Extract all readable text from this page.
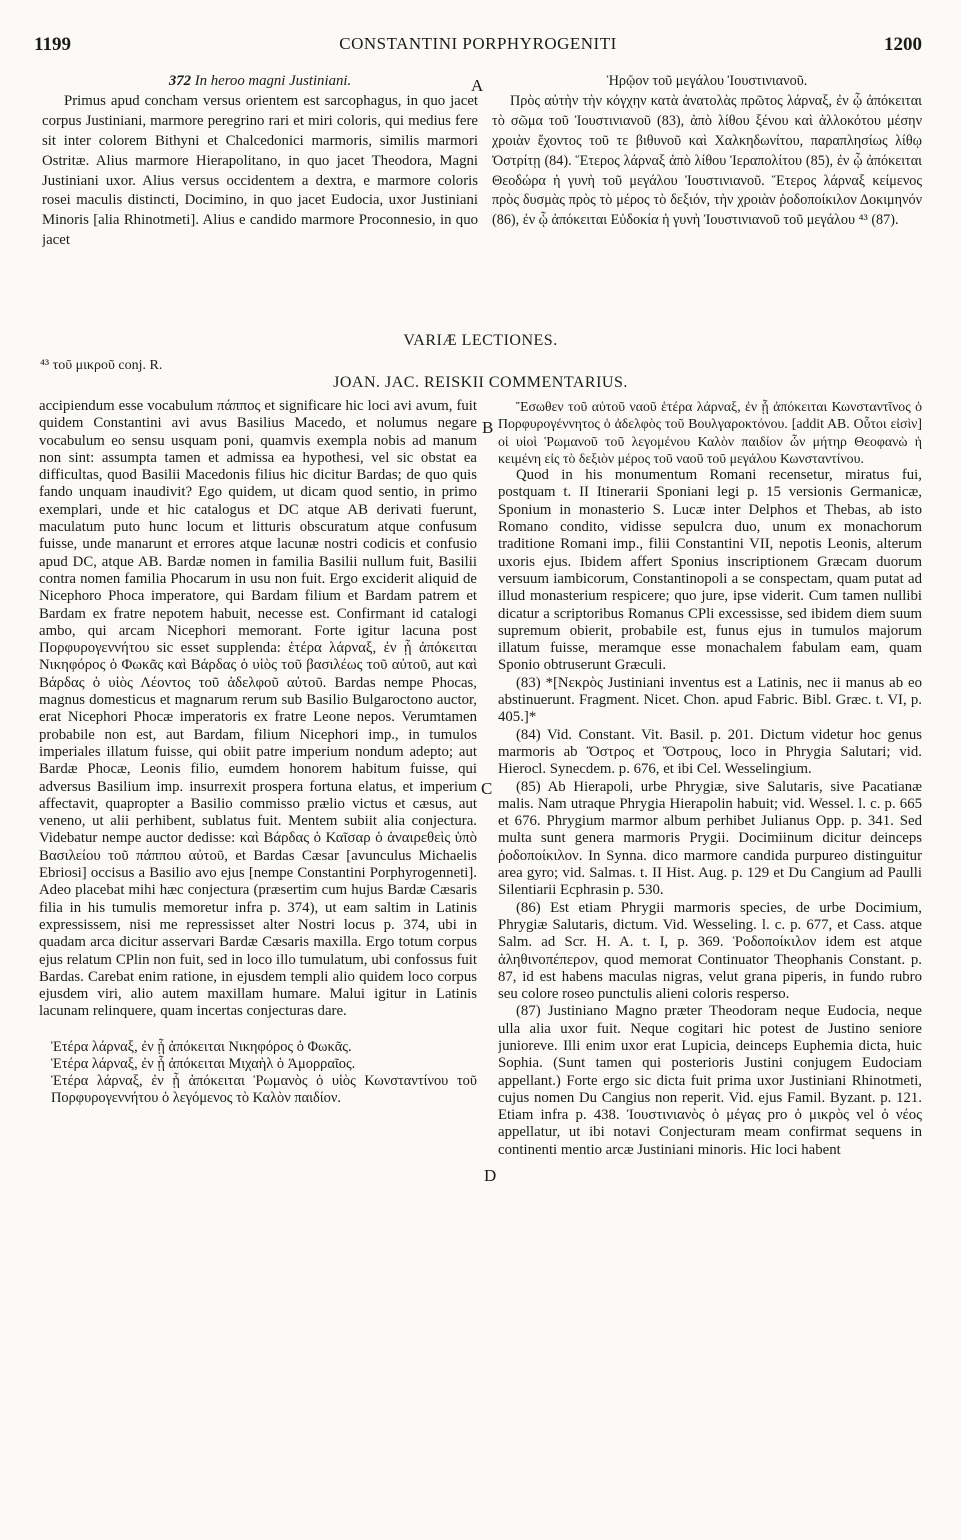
1199	CONSTANTINI PORPHYROGENITI	1200

372 In heroo magni Justiniani.

Primus apud concham versus orientem est sarcophagus, in quo jacet corpus Justiniani, marmore peregrino rari et miri coloris, qui medius fere sit inter colorem Bithyni et Chalcedonici marmoris, similis marmori Ostritæ. Alius marmore Hierapolitano, in quo jacet Theodora, Magni Justiniani uxor. Alius versus occidentem a dextra, e marmore coloris rosei maculis distincti, Docimino, in quo jacet Eudocia, uxor Justiniani Minoris [alia Rhinotmeti]. Alius e candido marmore Proconnesio, in quo jacet

A	Ἡρῷον τοῦ μεγάλου Ἰουστινιανοῦ.

Πρὸς αὐτὴν τὴν κόγχην κατὰ ἀνατολὰς πρῶτος λάρναξ, ἐν ᾧ ἀπόκειται τὸ σῶμα τοῦ Ἰουστινιανοῦ (83), ἀπὸ λίθου ξένου καὶ ἀλλοκότου μέσην χροιὰν ἔχοντος τοῦ τε βιθυνοῦ καὶ Χαλκηδωνίτου, παραπλησίως λίθῳ Ὀστρίτῃ (84). Ἕτερος λάρναξ ἀπὸ λίθου Ἱεραπολίτου (85), ἐν ᾧ ἀπόκειται Θεοδώρα ἡ γυνὴ τοῦ μεγάλου Ἰουστινιανοῦ. Ἕτερος λάρναξ κείμενος πρὸς δυσμὰς πρὸς τὸ μέρος τὸ δεξιόν, τὴν χροιὰν ῥοδοποίκιλον Δοκιμηνόν (86), ἐν ᾧ ἀπόκειται Εὐδοκία ἡ γυνὴ Ἰουστινιανοῦ τοῦ μεγάλου ⁴³ (87).

VARIÆ LECTIONES.
⁴³ τοῦ μικροῦ conj. R.
JOAN. JAC. REISKII COMMENTARIUS.

accipiendum esse vocabulum πάππος et significare hic loci avi avum, fuit quidem Constantini avi avus Basilius Macedo, et nolumus negare vocabulum eo sensu usquam poni, quamvis exempla nobis ad manum non sint: assumpta tamen et admissa ea hypothesi, vel sic obstat ea difficultas, quod Basilii Macedonis filius hic dicitur Bardas; de quo quis fando unquam inaudivit? Ego quidem, ut dicam quod sentio, in primo exemplari, unde et hic catalogus et DC atque AB derivati fuerunt, maculatum puto hunc locum et litturis obscuratum atque confusum fuisse, unde manarunt et errores atque lacunæ nostri codicis et confusio apud DC, atque AB. Bardæ nomen in familia Basilii nullum fuit, Basilii contra nomen familia Phocarum in usu non fuit. Ergo exciderit aliquid de Nicephoro Phoca imperatore, qui Bardam filium et Bardam patrem et Bardam ex fratre nepotem habuit, necesse est. Confirmant id catalogi ambo, qui arcam Nicephori memorant. Forte igitur lacuna post Πορφυρογεννήτου sic esset supplenda: ἑτέρα λάρναξ, ἐν ᾗ ἀπόκειται Νικηφόρος ὁ Φωκᾶς καὶ Βάρδας ὁ υἱὸς τοῦ βασιλέως τοῦ αὐτοῦ, aut καὶ Βάρδας ὁ υἱὸς Λέοντος τοῦ ἀδελφοῦ αὐτοῦ. Bardas nempe Phocas, magnus domesticus et magnarum rerum sub Basilio Bulgaroctono auctor, erat Nicephori Phocæ imperatoris ex fratre Leone nepos. Verumtamen probabile non est, aut Bardam, filium Nicephori imp., in tumulos imperiales illatum fuisse, qui obiit patre imperium nondum adepto; aut Bardæ Phocæ, Leonis filio, eumdem honorem habitum fuisse, qui adversus Basilium imp. insurrexit prospera fortuna elatus, et imperium affectavit, quapropter a Basilio commisso prælio victus et cæsus, aut veneno, ut alii perhibent, sublatus fuit. Mentem subiit alia conjectura. Videbatur nempe auctor dedisse: καὶ Βάρδας ὁ Καῖσαρ ὁ ἀναιρεθεὶς ὑπὸ Βασιλείου τοῦ πάππου αὐτοῦ, et Bardas Cæsar [avunculus Michaelis Ebriosi] occisus a Basilio avo ejus [nempe Constantini Porphyrogenneti]. Adeo placebat mihi hæc conjectura (præsertim cum hujus Bardæ Cæsaris filia in his tumulis memoretur infra p. 374), ut eam saltim in Latinis expressissem, nisi me repressisset alter Nostri locus p. 374, ubi in quadam arca dicitur asservari Bardæ Cæsaris maxilla. Ergo totum corpus ejus relatum CPlin non fuit, sed in loco illo tumulatum, ubi confossus fuit Bardas. Carebat enim ratione, in ejusdem templi alio quidem loco corpus ejusdem viri, alio autem maxillam humare. Malui igitur in Latinis lacunam relinquere, quam incertas conjecturas dare.

Ἑτέρα λάρναξ, ἐν ᾗ ἀπόκειται Νικηφόρος ὁ Φωκᾶς.

Ἑτέρα λάρναξ, ἐν ᾗ ἀπόκειται Μιχαὴλ ὁ Ἀμορραῖος.

Ἑτέρα λάρναξ, ἐν ᾗ ἀπόκειται Ῥωμανὸς ὁ υἱὸς Κωνσταντίνου τοῦ Πορφυρογεννήτου ὁ λεγόμενος τὸ Καλὸν παιδίον.

B
C
D

Ἔσωθεν τοῦ αὐτοῦ ναοῦ ἑτέρα λάρναξ, ἐν ᾗ ἀπόκειται Κωνσταντῖνος ὁ Πορφυρογέννητος ὁ ἀδελφὸς τοῦ Βουλγαροκτόνου. [addit AB. Οὗτοι εἰσὶν] οἱ υἱοὶ Ῥωμανοῦ τοῦ λεγομένου Καλὸν παιδίον ὧν μήτηρ Θεοφανὼ ἡ κειμένη εἰς τὸ δεξιὸν μέρος τοῦ ναοῦ τοῦ μεγάλου Κωνσταντίνου.

Quod in his monumentum Romani recensetur, miratus fui, postquam t. II Itinerarii Sponiani legi p. 15 versionis Germanicæ, Sponium in monasterio S. Lucæ inter Delphos et Thebas, ab isto Romano condito, vidisse sepulcra duo, unum ex monachorum traditione Romani imp., filii Constantini VII, nepotis Leonis, alterum uxoris ejus. Ibidem affert Sponius inscriptionem Græcam duorum versuum iambicorum, Constantinopoli a se conspectam, quam putat ad illud monasterium respicere; quo jure, ipse viderit. Cum tamen nullibi dicatur a scriptoribus Romanus CPli excessisse, sed ibidem diem suum supremum obierit, probabile est, funus ejus in tumulos majorum illatum fuisse, meramque esse monachalem fabulam eam, quam Sponio obtruserunt Græculi.

(83) *[Νεκρὸς Justiniani inventus est a Latinis, nec ii manus ab eo abstinuerunt. Fragment. Nicet. Chon. apud Fabric. Bibl. Græc. t. VI, p. 405.]*

(84) Vid. Constant. Vit. Basil. p. 201. Dictum videtur hoc genus marmoris ab Ὄστρος et Ὄστρους, loco in Phrygia Salutari; vid. Hierocl. Synecdem. p. 676, et ibi Cel. Wesselingium.

(85) Ab Hierapoli, urbe Phrygiæ, sive Salutaris, sive Pacatianæ malis. Nam utraque Phrygia Hierapolin habuit; vid. Wessel. l. c. p. 665 et 676. Phrygium marmor album perhibet Julianus Opp. p. 341. Sed multa sunt genera marmoris Prygii. Docimiinum dicitur deinceps ῥοδοποίκιλον. In Synna. dico marmore candida purpureo distinguitur area gyro; vid. Salmas. t. II Hist. Aug. p. 129 et Du Cangium ad Paulli Silentiarii Ecphrasin p. 530.

(86) Est etiam Phrygii marmoris species, de urbe Docimium, Phrygiæ Salutaris, dictum. Vid. Wesseling. l. c. p. 677, et Cass. atque Salm. ad Scr. H. A. t. I, p. 369. Ῥοδοποίκιλον idem est atque ἀληθινοπέπερον, quod memorat Continuator Theophanis Constant. p. 87, id est habens maculas nigras, velut grana piperis, in fundo rubro seu colore roseo punctulis alieni coloris resperso.

(87) Justiniano Magno præter Theodoram neque Eudocia, neque ulla alia uxor fuit. Neque cogitari hic potest de Justino seniore junioreve. Illi enim uxor erat Lupicia, deinceps Euphemia dicta, huic Sophia. (Sunt tamen qui posterioris Justini conjugem Eudociam appellant.) Forte ergo sic dicta fuit prima uxor Justiniani Rhinotmeti, cujus nomen Du Cangius non reperit. Vid. ejus Famil. Byzant. p. 121. Etiam infra p. 438. Ἰουστινιανὸς ὁ μέγας pro ὁ μικρὸς vel ὁ νέος appellatur, ut ibi notavi Conjecturam meam confirmat sequens in continenti mentio arcæ Justiniani minoris. Hic loci habent
